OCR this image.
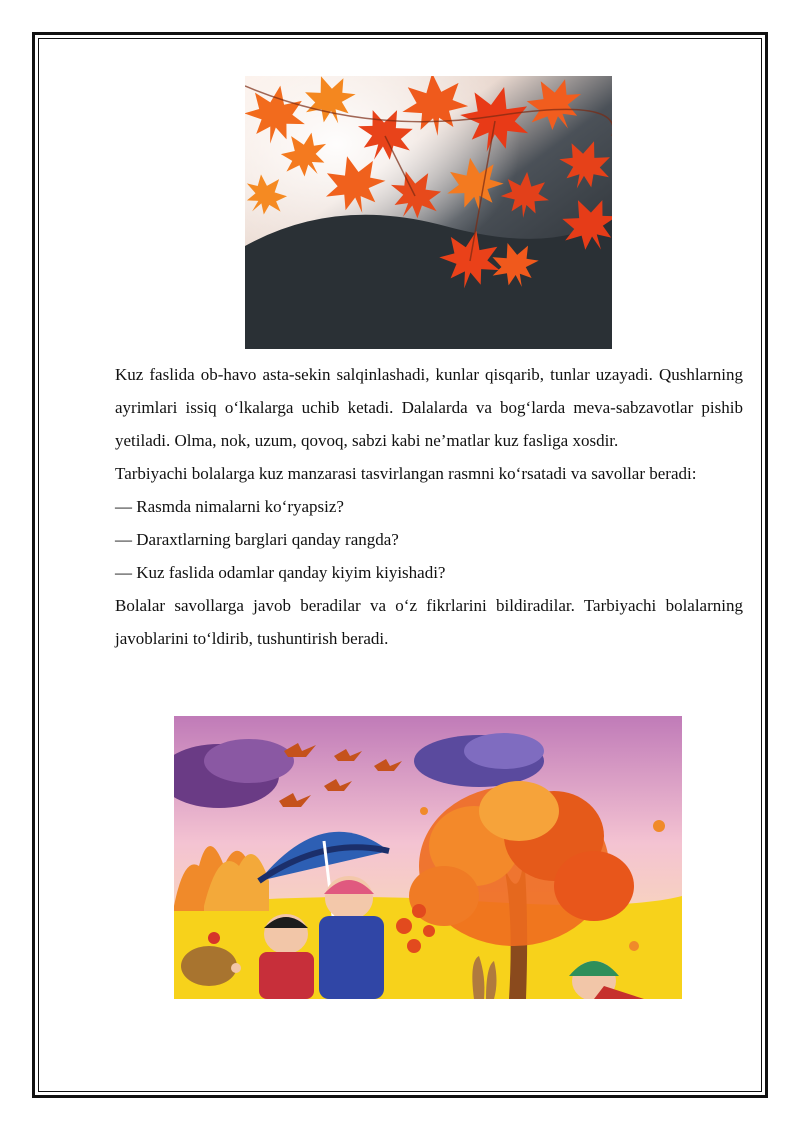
Kuz faslida ob-havo asta-sekin salqinlashadi, kunlar qisqarib, tunlar uzayadi. Qushlarning ayrimlari issiq o‘lkalarga uchib ketadi. Dalalarda va bog‘larda meva-sabzavotlar pishib yetiladi. Olma, nok, uzum, qovoq, sabzi kabi ne’matlar kuz fasliga xosdir.

Tarbiyachi bolalarga kuz manzarasi tasvirlangan rasmni ko‘rsatadi va savollar beradi:

— Rasmda nimalarni ko‘ryapsiz?

— Daraxtlarning barglari qanday rangda?

— Kuz faslida odamlar qanday kiyim kiyishadi?

Bolalar savollarga javob beradilar va o‘z fikrlarini bildiradilar. Tarbiyachi bolalarning javoblarini to‘ldirib, tushuntirish beradi.
